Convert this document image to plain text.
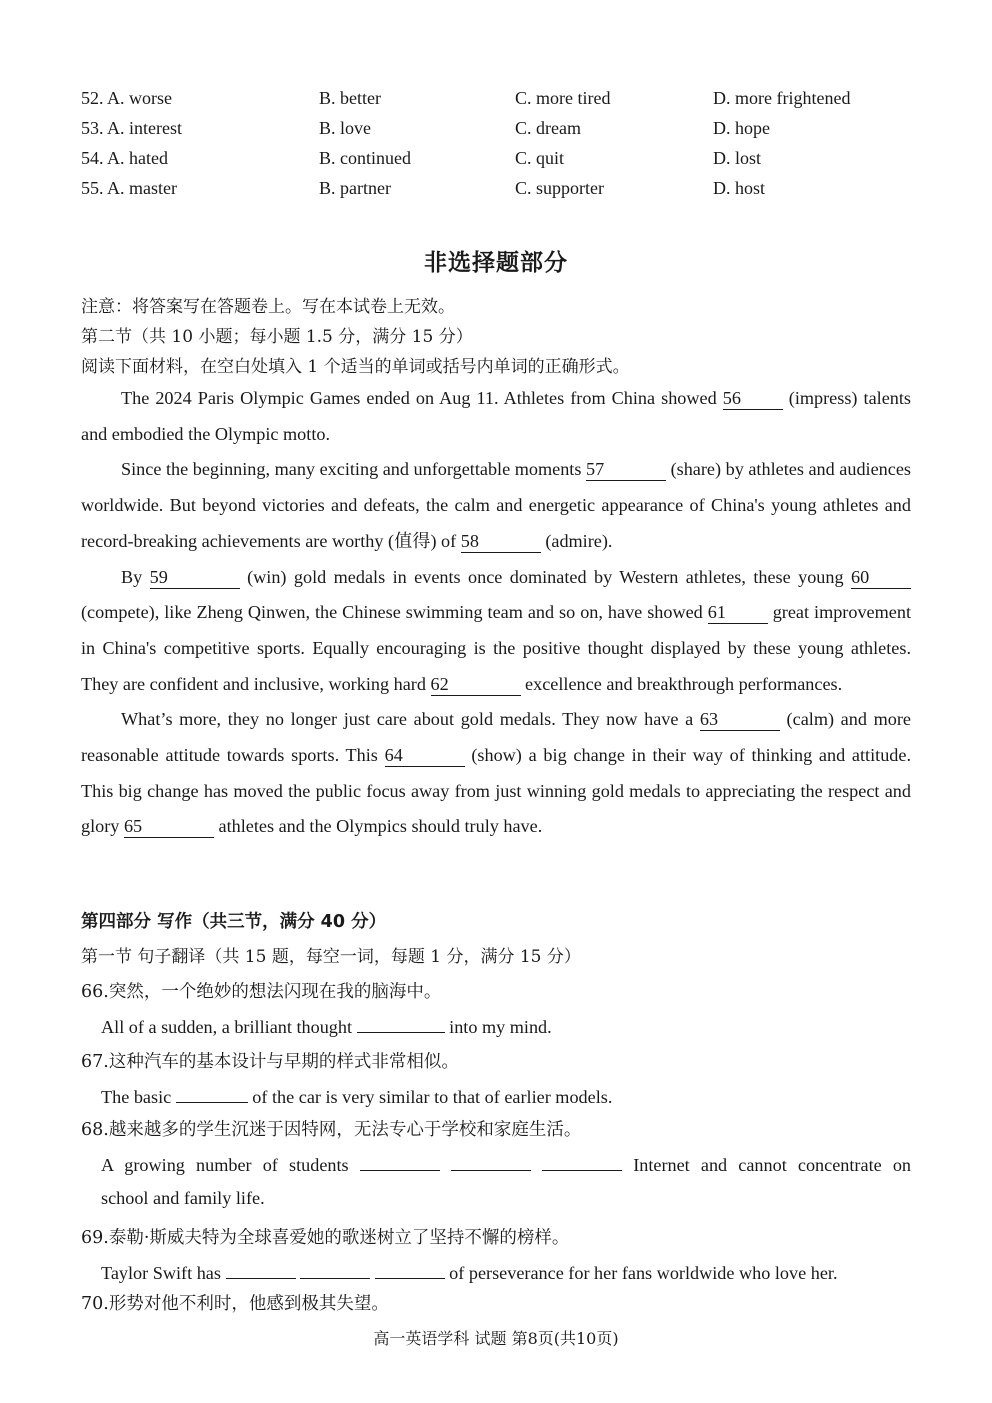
52. A. worse	B. better	C. more tired	D. more frightened
53. A. interest	B. love	C. dream	D. hope
54. A. hated	B. continued	C. quit	D. lost
55. A. master	B. partner	C. supporter	D. host
非选择题部分
注意：将答案写在答题卷上。写在本试卷上无效。
第二节（共 10 小题；每小题 1.5 分，满分 15 分）
阅读下面材料，在空白处填入 1 个适当的单词或括号内单词的正确形式。

The 2024 Paris Olympic Games ended on Aug 11. Athletes from China showed 56 (impress) talents and embodied the Olympic motto.

Since the beginning, many exciting and unforgettable moments 57	(share) by athletes and audiences worldwide. But beyond victories and defeats, the calm and energetic appearance of China's young athletes and record-breaking achievements are worthy (值得) of 58	(admire).

By 59	(win) gold medals in events once dominated by Western athletes, these young 60 (compete), like Zheng Qinwen, the Chinese swimming team and so on, have showed 61 great improvement in China's competitive sports. Equally encouraging is the positive thought displayed by these young athletes. They are confident and inclusive, working hard 62	excellence and breakthrough performances.

What’s more, they no longer just care about gold medals. They now have a 63	(calm) and more reasonable attitude towards sports. This 64	(show) a big change in their way of thinking and attitude. This big change has moved the public focus away from just winning gold medals to appreciating the respect and glory 65	athletes and the Olympics should truly have.

第四部分 写作（共三节，满分 40 分）
第一节 句子翻译（共 15 题，每空一词，每题 1 分，满分 15 分）
66.突然，一个绝妙的想法闪现在我的脑海中。
All of a sudden, a brilliant thought	into my mind.
67.这种汽车的基本设计与早期的样式非常相似。
The basic	of the car is very similar to that of earlier models.
68.越来越多的学生沉迷于因特网，无法专心于学校和家庭生活。
A growing number of students	Internet and cannot concentrate on
school and family life.
69.泰勒·斯威夫特为全球喜爱她的歌迷树立了坚持不懈的榜样。
Taylor Swift has	of perseverance for her fans worldwide who love her.
70.形势对他不利时，他感到极其失望。
高一英语学科 试题 第8页(共10页)
